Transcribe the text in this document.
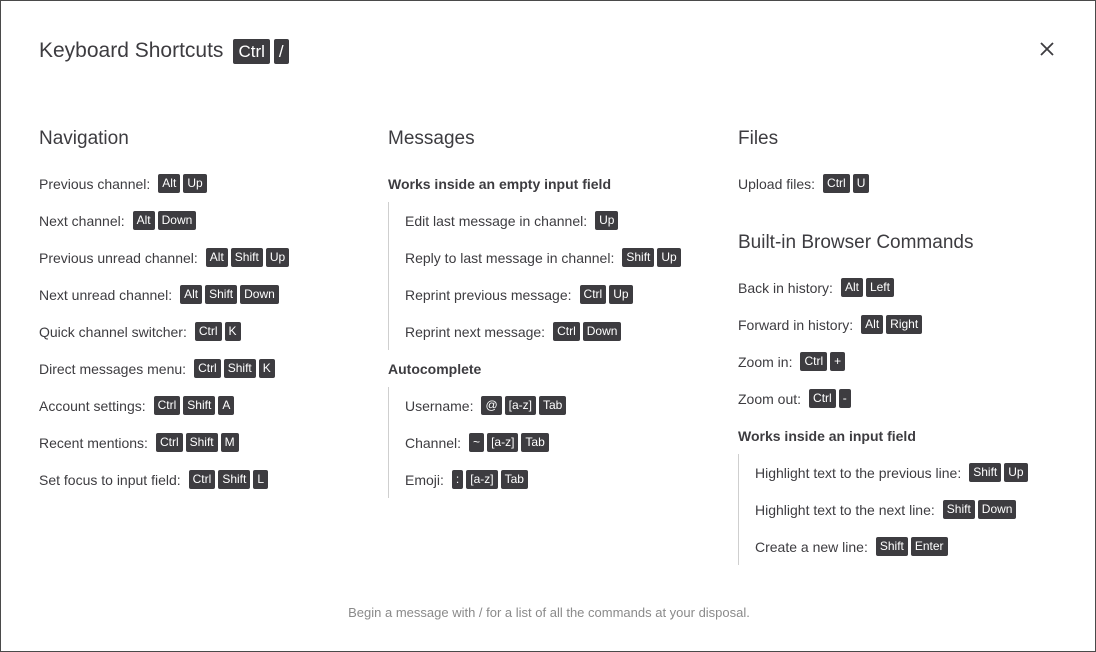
Keyboard Shortcuts Ctrl /
Navigation
Previous channel:	Alt Up
Next channel:	Alt Down
Previous unread channel:	Alt Shift Up
Next unread channel:	Alt Shift Down
Quick channel switcher:	Ctrl K
Direct messages menu:	Ctrl Shift K
Account settings:	Ctrl Shift A
Recent mentions:	Ctrl Shift M
Set focus to input field:	Ctrl Shift L
Messages
Works inside an empty input field
Edit last message in channel:	Up
Reply to last message in channel:	Shift Up
Reprint previous message:	Ctrl Up
Reprint next message:	Ctrl Down
Autocomplete
Username:	@ [a-z] Tab
Channel:	~ [a-z] Tab
Emoji:	: [a-z] Tab
Files
Upload files:	Ctrl U
Built-in Browser Commands
Back in history:	Alt Left
Forward in history:	Alt Right
Zoom in:	Ctrl +
Zoom out:	Ctrl -
Works inside an input field
Highlight text to the previous line:	Shift Up
Highlight text to the next line:	Shift Down
Create a new line:	Shift Enter
Begin a message with / for a list of all the commands at your disposal.
